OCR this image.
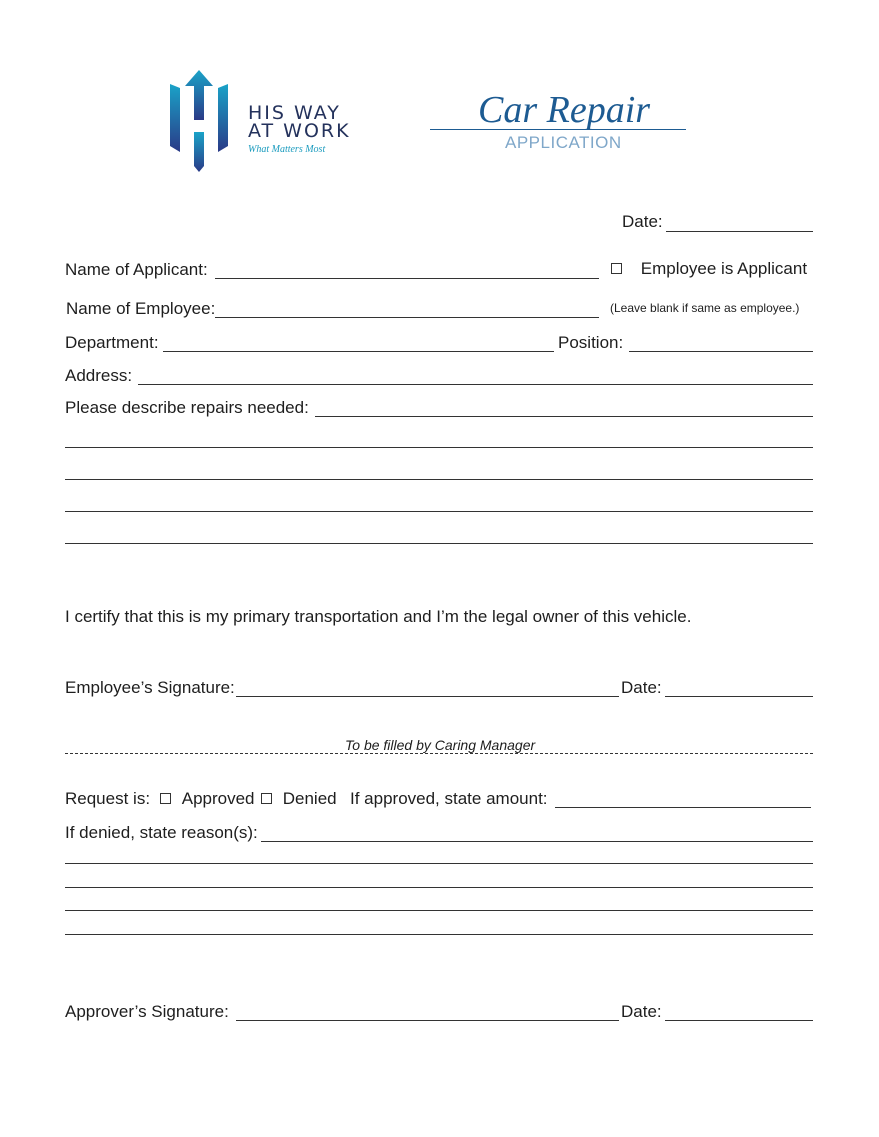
HIS WAY
AT WORK
What Matters Most
Car Repair
APPLICATION
Date:
Name of Applicant:	Employee is Applicant
Name of Employee:	(Leave blank if same as employee.)
Department:	Position:
Address:
Please describe repairs needed:
I certify that this is my primary transportation and I’m the legal owner of this vehicle.
Employee’s Signature:	Date:
To be filled by Caring Manager
Request is:	Approved	Denied If approved, state amount:
If denied, state reason(s):
Approver’s Signature:	Date:
